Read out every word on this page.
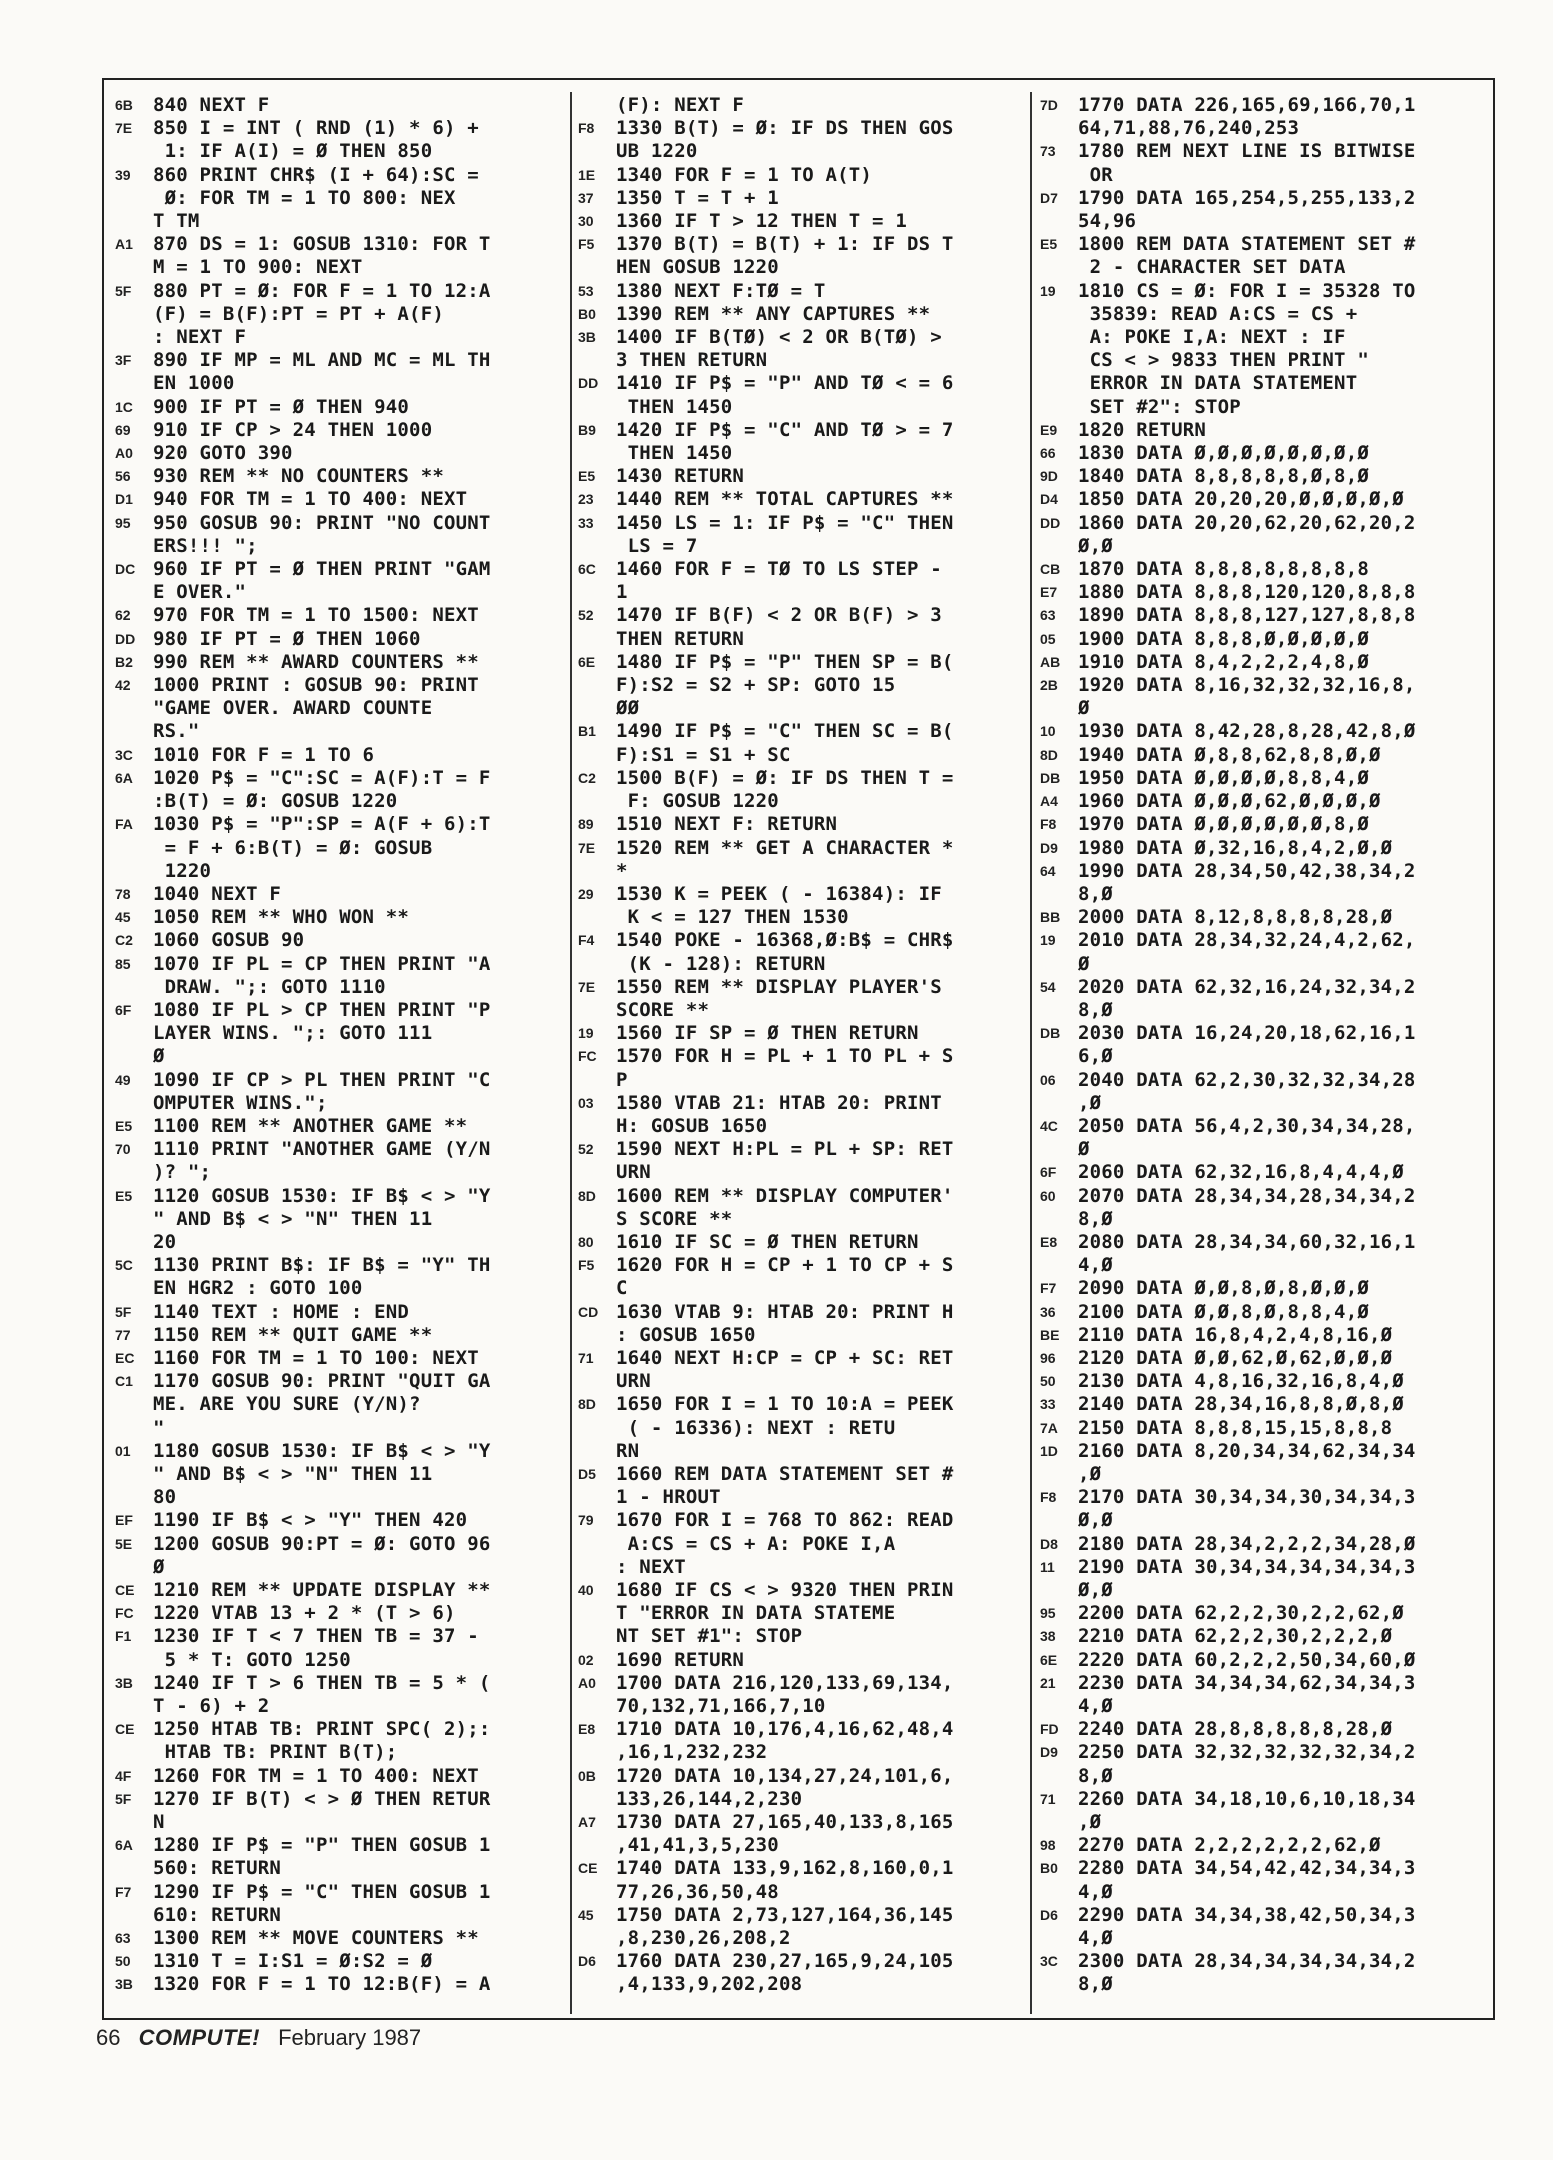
6B	840 NEXT F
7E	850 I = INT ( RND (1) * 6) +
1: IF A(I) = Ø THEN 850
39	860 PRINT CHR$ (I + 64):SC =
Ø: FOR TM = 1 TO 800: NEX
T TM
A1	870 DS = 1: GOSUB 1310: FOR T
M = 1 TO 900: NEXT
5F	880 PT = Ø: FOR F = 1 TO 12:A
(F) = B(F):PT = PT + A(F)
: NEXT F
3F	890 IF MP = ML AND MC = ML TH
EN 1000
1C	900 IF PT = Ø THEN 940
69	910 IF CP > 24 THEN 1000
A0	920 GOTO 390
56	930 REM ** NO COUNTERS **
D1	940 FOR TM = 1 TO 400: NEXT
95	950 GOSUB 90: PRINT "NO COUNT
ERS!!! ";
DC 960 IF PT = Ø THEN PRINT "GAM
E OVER."
62	970 FOR TM = 1 TO 1500: NEXT
DD 980 IF PT = Ø THEN 1060
B2	990 REM ** AWARD COUNTERS **
42	1000 PRINT : GOSUB 90: PRINT
"GAME OVER. AWARD COUNTE
RS."
3C	1010 FOR F = 1 TO 6
6A	1020 P$ = "C":SC = A(F):T = F
:B(T) = Ø: GOSUB 1220
FA	1030 P$ = "P":SP = A(F + 6):T
= F + 6:B(T) = Ø: GOSUB
1220
78	1040 NEXT F
45	1050 REM ** WHO WON **
C2	1060 GOSUB 90
85	1070 IF PL = CP THEN PRINT "A
DRAW. ";: GOTO 1110
6F	1080 IF PL > CP THEN PRINT "P
LAYER WINS. ";: GOTO 111
Ø
49	1090 IF CP > PL THEN PRINT "C
OMPUTER WINS.";
E5	1100 REM ** ANOTHER GAME **
70	1110 PRINT "ANOTHER GAME (Y/N
)? ";
E5	1120 GOSUB 1530: IF B$ < > "Y
" AND B$ < > "N" THEN 11
20
5C	1130 PRINT B$: IF B$ = "Y" TH
EN HGR2 : GOTO 100
5F	1140 TEXT : HOME : END
77	1150 REM ** QUIT GAME **
EC 1160 FOR TM = 1 TO 100: NEXT
C1	1170 GOSUB 90: PRINT "QUIT GA
ME. ARE YOU SURE (Y/N)?
"
01	1180 GOSUB 1530: IF B$ < > "Y
" AND B$ < > "N" THEN 11
80
EF	1190 IF B$ < > "Y" THEN 420
5E	1200 GOSUB 90:PT = Ø: GOTO 96
Ø
CE 1210 REM ** UPDATE DISPLAY **
FC	1220 VTAB 13 + 2 * (T > 6)
F1	1230 IF T < 7 THEN TB = 37 -
5 * T: GOTO 1250
3B	1240 IF T > 6 THEN TB = 5 * (
T - 6) + 2
CE 1250 HTAB TB: PRINT SPC( 2);:
HTAB TB: PRINT B(T);
4F	1260 FOR TM = 1 TO 400: NEXT
5F	1270 IF B(T) < > Ø THEN RETUR
N
6A	1280 IF P$ = "P" THEN GOSUB 1
560: RETURN
F7	1290 IF P$ = "C" THEN GOSUB 1
610: RETURN
63	1300 REM ** MOVE COUNTERS **
50	1310 T = I:S1 = Ø:S2 = Ø
3B	1320 FOR F = 1 TO 12:B(F) = A
(F): NEXT F
F8	1330 B(T) = Ø: IF DS THEN GOS
UB 1220
1E	1340 FOR F = 1 TO A(T)
37	1350 T = T + 1
30	1360 IF T > 12 THEN T = 1
F5	1370 B(T) = B(T) + 1: IF DS T
HEN GOSUB 1220
53	1380 NEXT F:TØ = T
B0	1390 REM ** ANY CAPTURES **
3B	1400 IF B(TØ) < 2 OR B(TØ) >
3 THEN RETURN
DD 1410 IF P$ = "P" AND TØ < = 6
THEN 1450
B9	1420 IF P$ = "C" AND TØ > = 7
THEN 1450
E5	1430 RETURN
23	1440 REM ** TOTAL CAPTURES **
33	1450 LS = 1: IF P$ = "C" THEN
LS = 7
6C	1460 FOR F = TØ TO LS STEP -
1
52	1470 IF B(F) < 2 OR B(F) > 3
THEN RETURN
6E	1480 IF P$ = "P" THEN SP = B(
F):S2 = S2 + SP: GOTO 15
ØØ
B1	1490 IF P$ = "C" THEN SC = B(
F):S1 = S1 + SC
C2	1500 B(F) = Ø: IF DS THEN T =
F: GOSUB 1220
89	1510 NEXT F: RETURN
7E	1520 REM ** GET A CHARACTER *
*
29	1530 K = PEEK ( - 16384): IF
K < = 127 THEN 1530
F4	1540 POKE - 16368,Ø:B$ = CHR$
(K - 128): RETURN
7E	1550 REM ** DISPLAY PLAYER'S
SCORE **
19	1560 IF SP = Ø THEN RETURN
FC	1570 FOR H = PL + 1 TO PL + S
P
03	1580 VTAB 21: HTAB 20: PRINT
H: GOSUB 1650
52	1590 NEXT H:PL = PL + SP: RET
URN
8D	1600 REM ** DISPLAY COMPUTER'
S SCORE **
80	1610 IF SC = Ø THEN RETURN
F5	1620 FOR H = CP + 1 TO CP + S
C
CD 1630 VTAB 9: HTAB 20: PRINT H
: GOSUB 1650
71	1640 NEXT H:CP = CP + SC: RET
URN
8D	1650 FOR I = 1 TO 10:A = PEEK
( - 16336): NEXT : RETU
RN
D5	1660 REM DATA STATEMENT SET #
1 - HROUT
79	1670 FOR I = 768 TO 862: READ
A:CS = CS + A: POKE I,A
: NEXT
40	1680 IF CS < > 9320 THEN PRIN
T "ERROR IN DATA STATEME
NT SET #1": STOP
02	1690 RETURN
A0	1700 DATA 216,120,133,69,134,
70,132,71,166,7,10
E8	1710 DATA 10,176,4,16,62,48,4
,16,1,232,232
0B	1720 DATA 10,134,27,24,101,6,
133,26,144,2,230
A7	1730 DATA 27,165,40,133,8,165
,41,41,3,5,230
CE 1740 DATA 133,9,162,8,160,0,1
77,26,36,50,48
45	1750 DATA 2,73,127,164,36,145
,8,230,26,208,2
D6	1760 DATA 230,27,165,9,24,105
,4,133,9,202,208
7D	1770 DATA 226,165,69,166,70,1
64,71,88,76,240,253
73	1780 REM NEXT LINE IS BITWISE
OR
D7	1790 DATA 165,254,5,255,133,2
54,96
E5	1800 REM DATA STATEMENT SET #
2 - CHARACTER SET DATA
19	1810 CS = Ø: FOR I = 35328 TO
35839: READ A:CS = CS +
A: POKE I,A: NEXT : IF
CS < > 9833 THEN PRINT "
ERROR IN DATA STATEMENT
SET #2": STOP
E9	1820 RETURN
66	1830 DATA Ø,Ø,Ø,Ø,Ø,Ø,Ø,Ø
9D	1840 DATA 8,8,8,8,8,Ø,8,Ø
D4	1850 DATA 20,20,20,Ø,Ø,Ø,Ø,Ø
DD 1860 DATA 20,20,62,20,62,20,2
Ø,Ø
CB 1870 DATA 8,8,8,8,8,8,8,8
E7	1880 DATA 8,8,8,120,120,8,8,8
63	1890 DATA 8,8,8,127,127,8,8,8
05	1900 DATA 8,8,8,Ø,Ø,Ø,Ø,Ø
AB 1910 DATA 8,4,2,2,2,4,8,Ø
2B	1920 DATA 8,16,32,32,32,16,8,
Ø
10	1930 DATA 8,42,28,8,28,42,8,Ø
8D	1940 DATA Ø,8,8,62,8,8,Ø,Ø
DB 1950 DATA Ø,Ø,Ø,Ø,8,8,4,Ø
A4	1960 DATA Ø,Ø,Ø,62,Ø,Ø,Ø,Ø
F8	1970 DATA Ø,Ø,Ø,Ø,Ø,Ø,8,Ø
D9	1980 DATA Ø,32,16,8,4,2,Ø,Ø
64	1990 DATA 28,34,50,42,38,34,2
8,Ø
BB 2000 DATA 8,12,8,8,8,8,28,Ø
19	2010 DATA 28,34,32,24,4,2,62,
Ø
54	2020 DATA 62,32,16,24,32,34,2
8,Ø
DB 2030 DATA 16,24,20,18,62,16,1
6,Ø
06	2040 DATA 62,2,30,32,32,34,28
,Ø
4C	2050 DATA 56,4,2,30,34,34,28,
Ø
6F	2060 DATA 62,32,16,8,4,4,4,Ø
60	2070 DATA 28,34,34,28,34,34,2
8,Ø
E8	2080 DATA 28,34,34,60,32,16,1
4,Ø
F7	2090 DATA Ø,Ø,8,Ø,8,Ø,Ø,Ø
36	2100 DATA Ø,Ø,8,Ø,8,8,4,Ø
BE 2110 DATA 16,8,4,2,4,8,16,Ø
96	2120 DATA Ø,Ø,62,Ø,62,Ø,Ø,Ø
50	2130 DATA 4,8,16,32,16,8,4,Ø
33	2140 DATA 28,34,16,8,8,Ø,8,Ø
7A	2150 DATA 8,8,8,15,15,8,8,8
1D	2160 DATA 8,20,34,34,62,34,34
,Ø
F8	2170 DATA 30,34,34,30,34,34,3
Ø,Ø
D8	2180 DATA 28,34,2,2,2,34,28,Ø
11	2190 DATA 30,34,34,34,34,34,3
Ø,Ø
95	2200 DATA 62,2,2,30,2,2,62,Ø
38	2210 DATA 62,2,2,30,2,2,2,Ø
6E	2220 DATA 60,2,2,2,50,34,60,Ø
21	2230 DATA 34,34,34,62,34,34,3
4,Ø
FD	2240 DATA 28,8,8,8,8,8,28,Ø
D9	2250 DATA 32,32,32,32,32,34,2
8,Ø
71	2260 DATA 34,18,10,6,10,18,34
,Ø
98	2270 DATA 2,2,2,2,2,2,62,Ø
B0	2280 DATA 34,54,42,42,34,34,3
4,Ø
D6	2290 DATA 34,34,38,42,50,34,3
4,Ø
3C	2300 DATA 28,34,34,34,34,34,2
8,Ø
66 COMPUTE! February 1987
